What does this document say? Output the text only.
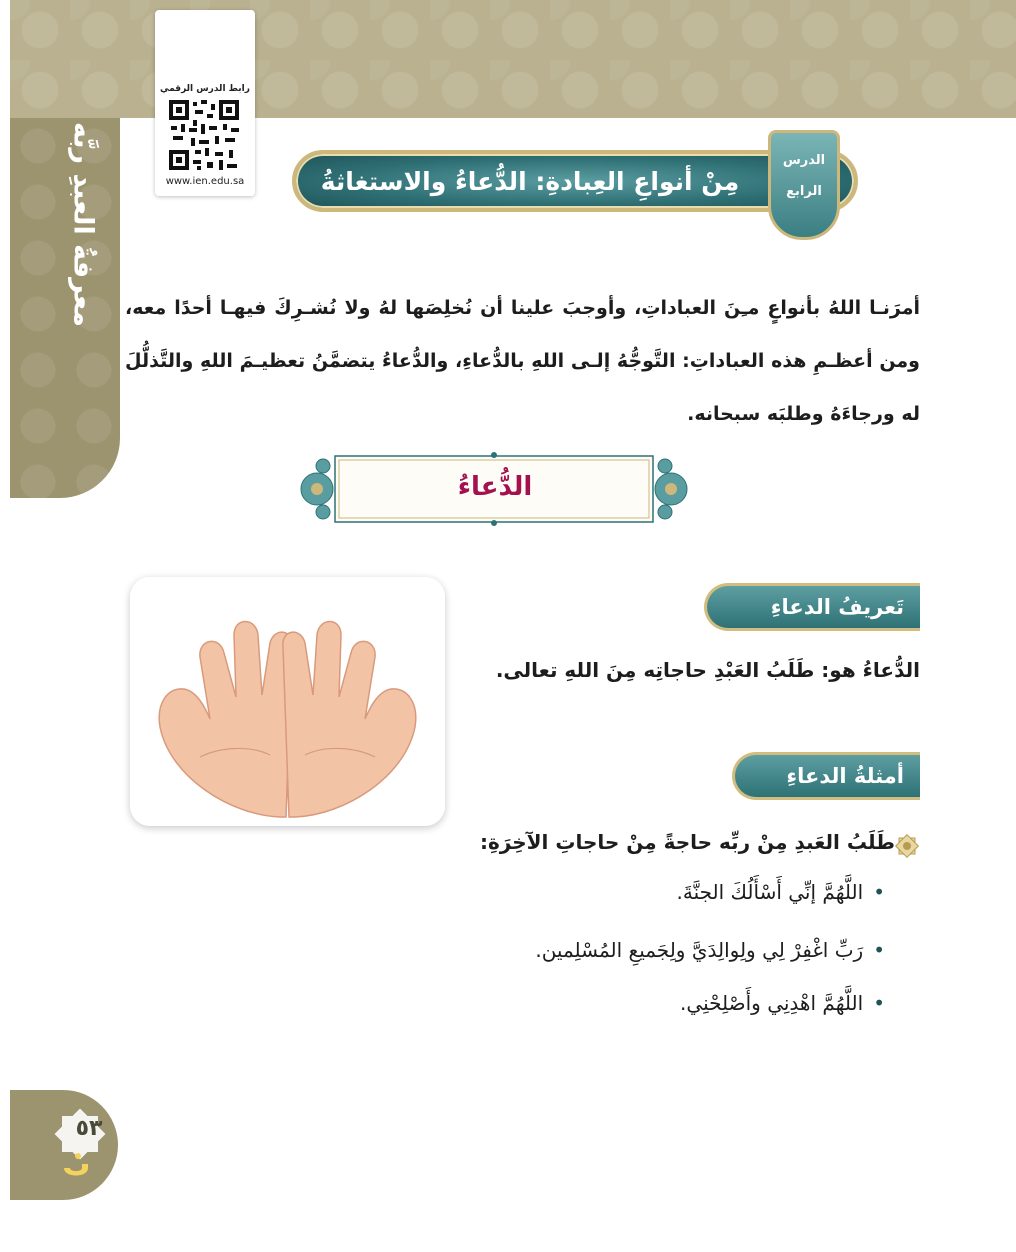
معرفةُ العبدِ ربَّه
رابط الدرس الرقمي
www.ien.edu.sa	مِنْ أنواعِ العِبادةِ: الدُّعاءُ والاستغاثةُ
الدرس
الرابع
أمرَنـا اللهُ بأنواعٍ مـِنَ العباداتِ، وأوجبَ علينا أن نُخلِصَها لهُ ولا نُشـرِكَ فيهـا أحدًا معه، ومن أعظـمِ هذه العباداتِ: التَّوجُّهُ إلـى اللهِ بالدُّعاءِ، والدُّعاءُ يتضمَّنُ تعظيـمَ اللهِ والتَّذلُّلَ له ورجاءَهُ وطلبَه سبحانه.
الدُّعاءُ
تَعريفُ الدعاءِ
الدُّعاءُ هو: طَلَبُ العَبْدِ حاجاتِه مِنَ اللهِ تعالى.
أمثلةُ الدعاءِ
طَلَبُ العَبدِ مِنْ ربِّه حاجةً مِنْ حاجاتِ الآخِرَةِ:
• اللَّهُمَّ إنِّي أَسْأَلُكَ الجنَّةَ.
• رَبِّ اغْفِرْ لِي ولِوالِدَيَّ ولِجَميعِ المُسْلِمين.
• اللَّهُمَّ اهْدِنِي وأَصْلِحْنِي.
٥٣
